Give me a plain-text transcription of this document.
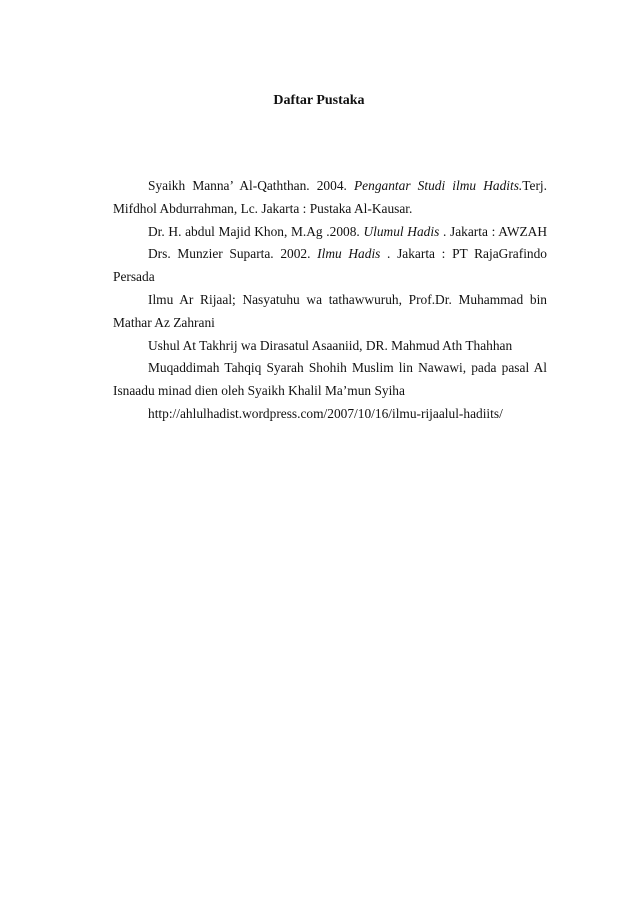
Daftar Pustaka

Syaikh Manna’ Al-Qaththan. 2004. Pengantar Studi ilmu Hadits.Terj. Mifdhol Abdurrahman, Lc. Jakarta : Pustaka Al-Kausar.

Dr. H. abdul Majid Khon, M.Ag .2008. Ulumul Hadis . Jakarta : AWZAH

Drs. Munzier Suparta. 2002. Ilmu Hadis . Jakarta : PT RajaGrafindo Persada

Ilmu Ar Rijaal; Nasyatuhu wa tathawwuruh, Prof.Dr. Muhammad bin Mathar Az Zahrani

Ushul At Takhrij wa Dirasatul Asaaniid, DR. Mahmud Ath Thahhan

Muqaddimah Tahqiq Syarah Shohih Muslim lin Nawawi, pada pasal Al Isnaadu minad dien oleh Syaikh Khalil Ma’mun Syiha

http://ahlulhadist.wordpress.com/2007/10/16/ilmu-rijaalul-hadiits/
